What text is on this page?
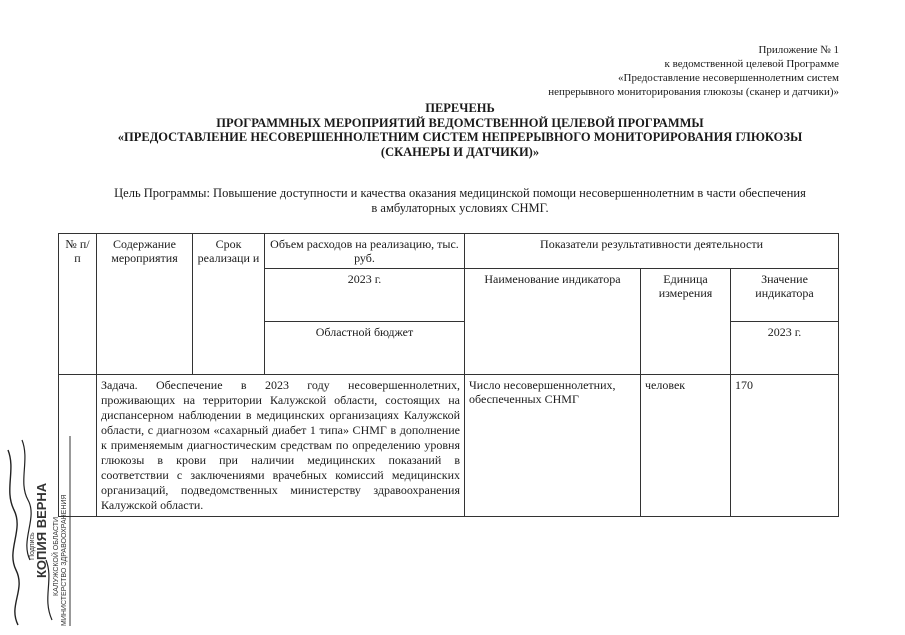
Приложение № 1
к ведомственной целевой Программе
«Предоставление несовершеннолетним систем
непрерывного мониторирования глюкозы (сканер и датчики)»
ПЕРЕЧЕНЬ
ПРОГРАММНЫХ МЕРОПРИЯТИЙ ВЕДОМСТВЕННОЙ ЦЕЛЕВОЙ ПРОГРАММЫ
«ПРЕДОСТАВЛЕНИЕ НЕСОВЕРШЕННОЛЕТНИМ СИСТЕМ НЕПРЕРЫВНОГО МОНИТОРИРОВАНИЯ ГЛЮКОЗЫ
(СКАНЕРЫ И ДАТЧИКИ)»
Цель Программы: Повышение доступности и качества оказания медицинской помощи несовершеннолетним в части обеспечения
в амбулаторных условиях СНМГ.
№ п/п	Содержание мероприятия	Срок реализаци и	Объем расходов на реализацию, тыс. руб.	Показатели результативности деятельности		
			2023 г.	Наименование индикатора	Единица измерения	Значение индикатора
			Областной бюджет			2023 г.
	Задача. Обеспечение в 2023 году несовершеннолетних, проживающих на территории Калужской области, состоящих на диспансерном наблюдении в медицинских организациях Калужской области, с диагнозом «сахарный диабет 1 типа» СНМГ в дополнение к применяемым диагностическим средствам по определению уровня глюкозы в крови при наличии медицинских показаний в соответствии с заключениями врачебных комиссий медицинских организаций, подведомственных министерству здравоохранения Калужской области.			Число несовершеннолетних, обеспеченных СНМГ	человек	170
МИНИСТЕРСТВО ЗДРАВООХРАНЕНИЯ
КАЛУЖСКОЙ ОБЛАСТИ
КОПИЯ ВЕРНА
Подпись
